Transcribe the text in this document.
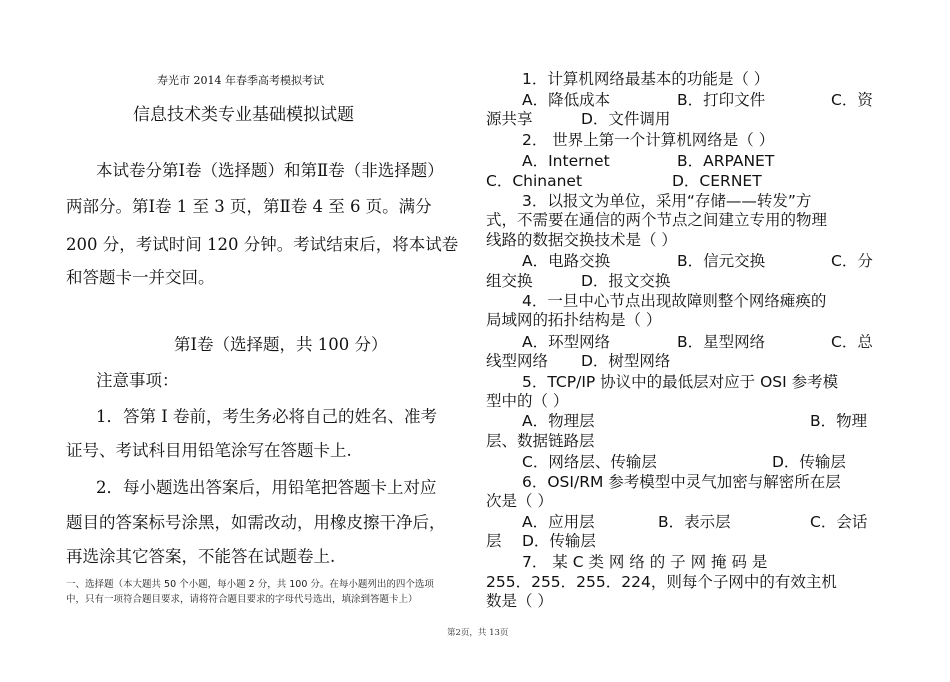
寿光市 2014 年春季高考模拟考试
信息技术类专业基础模拟试题
本试卷分第Ⅰ卷（选择题）和第Ⅱ卷（非选择题）
两部分。第Ⅰ卷 1 至 3 页，第Ⅱ卷 4 至 6 页。满分
200 分，考试时间 120 分钟。考试结束后，将本试卷
和答题卡一并交回。
第Ⅰ卷（选择题，共 100 分）
注意事项：
1．答第 Ⅰ 卷前，考生务必将自己的姓名、准考
证号、考试科目用铅笔涂写在答题卡上.
2．每小题选出答案后，用铅笔把答题卡上对应
题目的答案标号涂黑，如需改动，用橡皮擦干净后，
再选涂其它答案，不能答在试题卷上.
一、选择题（本大题共 50 个小题，每小题 2 分，共 100 分。在每小题列出的四个选项
中，只有一项符合题目要求，请将符合题目要求的字母代号选出，填涂到答题卡上）
1．计算机网络最基本的功能是（ ）
A．降低成本	B．打印文件	C．资
源共享	D．文件调用
2． 世界上第一个计算机网络是（ ）
A．Internet	B．ARPANET
C．Chinanet	D．CERNET
3．以报文为单位，采用“存储——转发”方
式，不需要在通信的两个节点之间建立专用的物理
线路的数据交换技术是（ ）
A．电路交换	B．信元交换	C．分
组交换	D．报文交换
4．一旦中心节点出现故障则整个网络瘫痪的
局域网的拓扑结构是（ ）
A．环型网络	B．星型网络	C．总
线型网络 D．树型网络
5．TCP/IP 协议中的最低层对应于 OSI 参考模
型中的（ ）
A．物理层	B．物理
层、数据链路层
C．网络层、传输层	D．传输层
6．OSI/RM 参考模型中灵气加密与解密所在层
次是（ ）
A．应用层	B．表示层	C．会话
层 D．传输层
7． 某 C 类 网 络 的 子 网 掩 码 是
255．255．255．224，则每个子网中的有效主机
数是（ ）
第2页，共 13页
